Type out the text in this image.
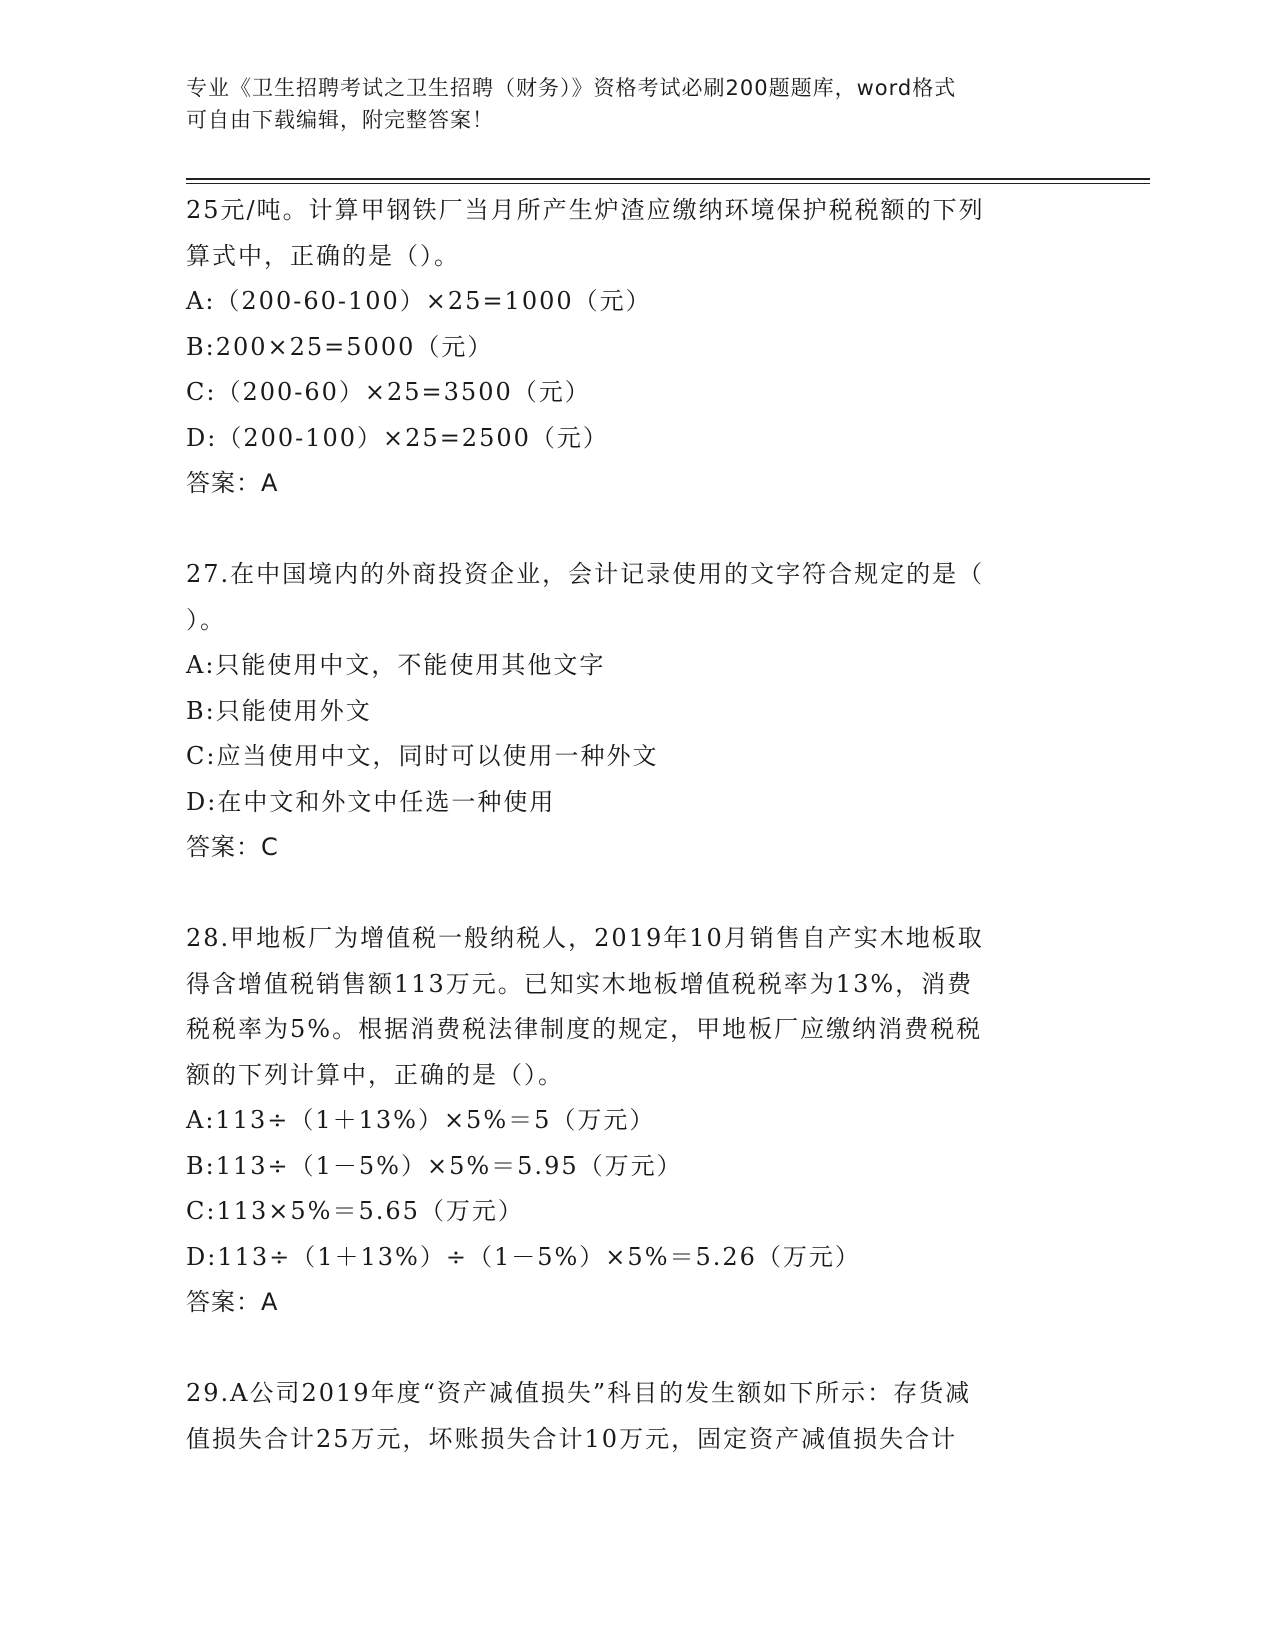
专业《卫生招聘考试之卫生招聘（财务）》资格考试必刷200题题库，word格式
可自由下载编辑，附完整答案！
25元/吨。计算甲钢铁厂当月所产生炉渣应缴纳环境保护税税额的下列
算式中，正确的是（）。
A:（200-60-100）×25=1000（元）
B:200×25=5000（元）
C:（200-60）×25=3500（元）
D:（200-100）×25=2500（元）
答案：A
27.在中国境内的外商投资企业，会计记录使用的文字符合规定的是（
）。
A:只能使用中文，不能使用其他文字
B:只能使用外文
C:应当使用中文，同时可以使用一种外文
D:在中文和外文中任选一种使用
答案：C
28.甲地板厂为增值税一般纳税人，2019年10月销售自产实木地板取
得含增值税销售额113万元。已知实木地板增值税税率为13%，消费
税税率为5%。根据消费税法律制度的规定，甲地板厂应缴纳消费税税
额的下列计算中，正确的是（）。
A:113÷（1＋13%）×5%＝5（万元）
B:113÷（1－5%）×5%＝5.95（万元）
C:113×5%＝5.65（万元）
D:113÷（1＋13%）÷（1－5%）×5%＝5.26（万元）
答案：A
29.A公司2019年度“资产减值损失”科目的发生额如下所示：存货减
值损失合计25万元，坏账损失合计10万元，固定资产减值损失合计
